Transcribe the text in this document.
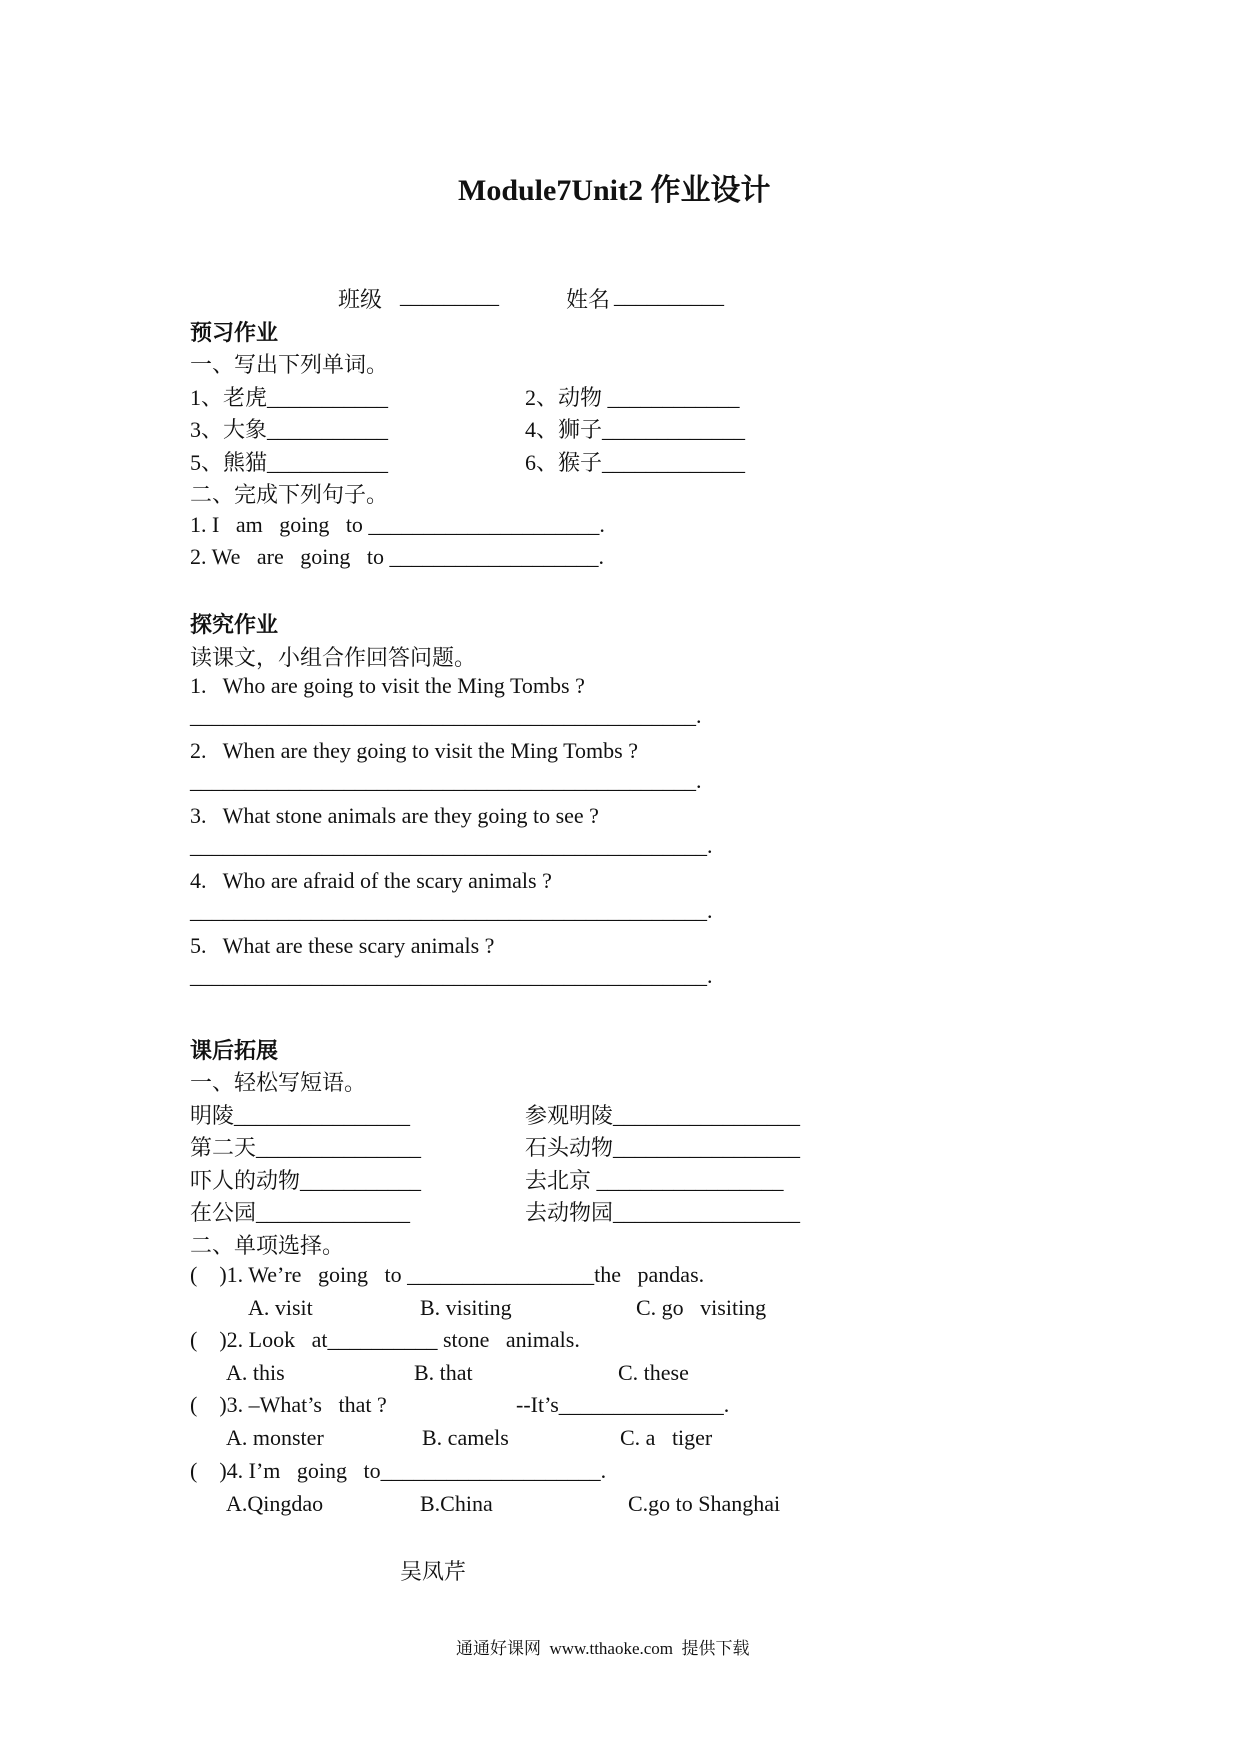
Module7Unit2 作业设计
班级 _________	姓名 __________
预习作业
一、写出下列单词。
1、老虎___________	2、动物 ____________
3、大象___________	4、狮子_____________
5、熊猫___________	6、猴子_____________
二、完成下列句子。
1. I   am   going   to _____________________.
2. We   are   going   to ___________________.
探究作业
读课文，小组合作回答问题。
1.   Who are going to visit the Ming Tombs ?
______________________________________________.
2.   When are they going to visit the Ming Tombs ?
______________________________________________.
3.   What stone animals are they going to see ?
_______________________________________________.
4.   Who are afraid of the scary animals ?
_______________________________________________.
5.   What are these scary animals ?
_______________________________________________.
课后拓展
一、轻松写短语。
明陵________________	参观明陵_________________
第二天_______________	石头动物_________________
吓人的动物___________	去北京 _________________
在公园______________	去动物园_________________
二、单项选择。
(    )1. We’re   going   to _________________the   pandas.
A. visit	B. visiting	C. go   visiting
(    )2. Look   at__________ stone   animals.
A. this	B. that	C. these
(    )3. –What’s   that ?	--It’s_______________.
A. monster	B. camels	C. a   tiger
(    )4. I’m   going   to____________________.
A.Qingdao	B.China	C.go to Shanghai
吴凤芹
通通好课网  www.tthaoke.com  提供下载
